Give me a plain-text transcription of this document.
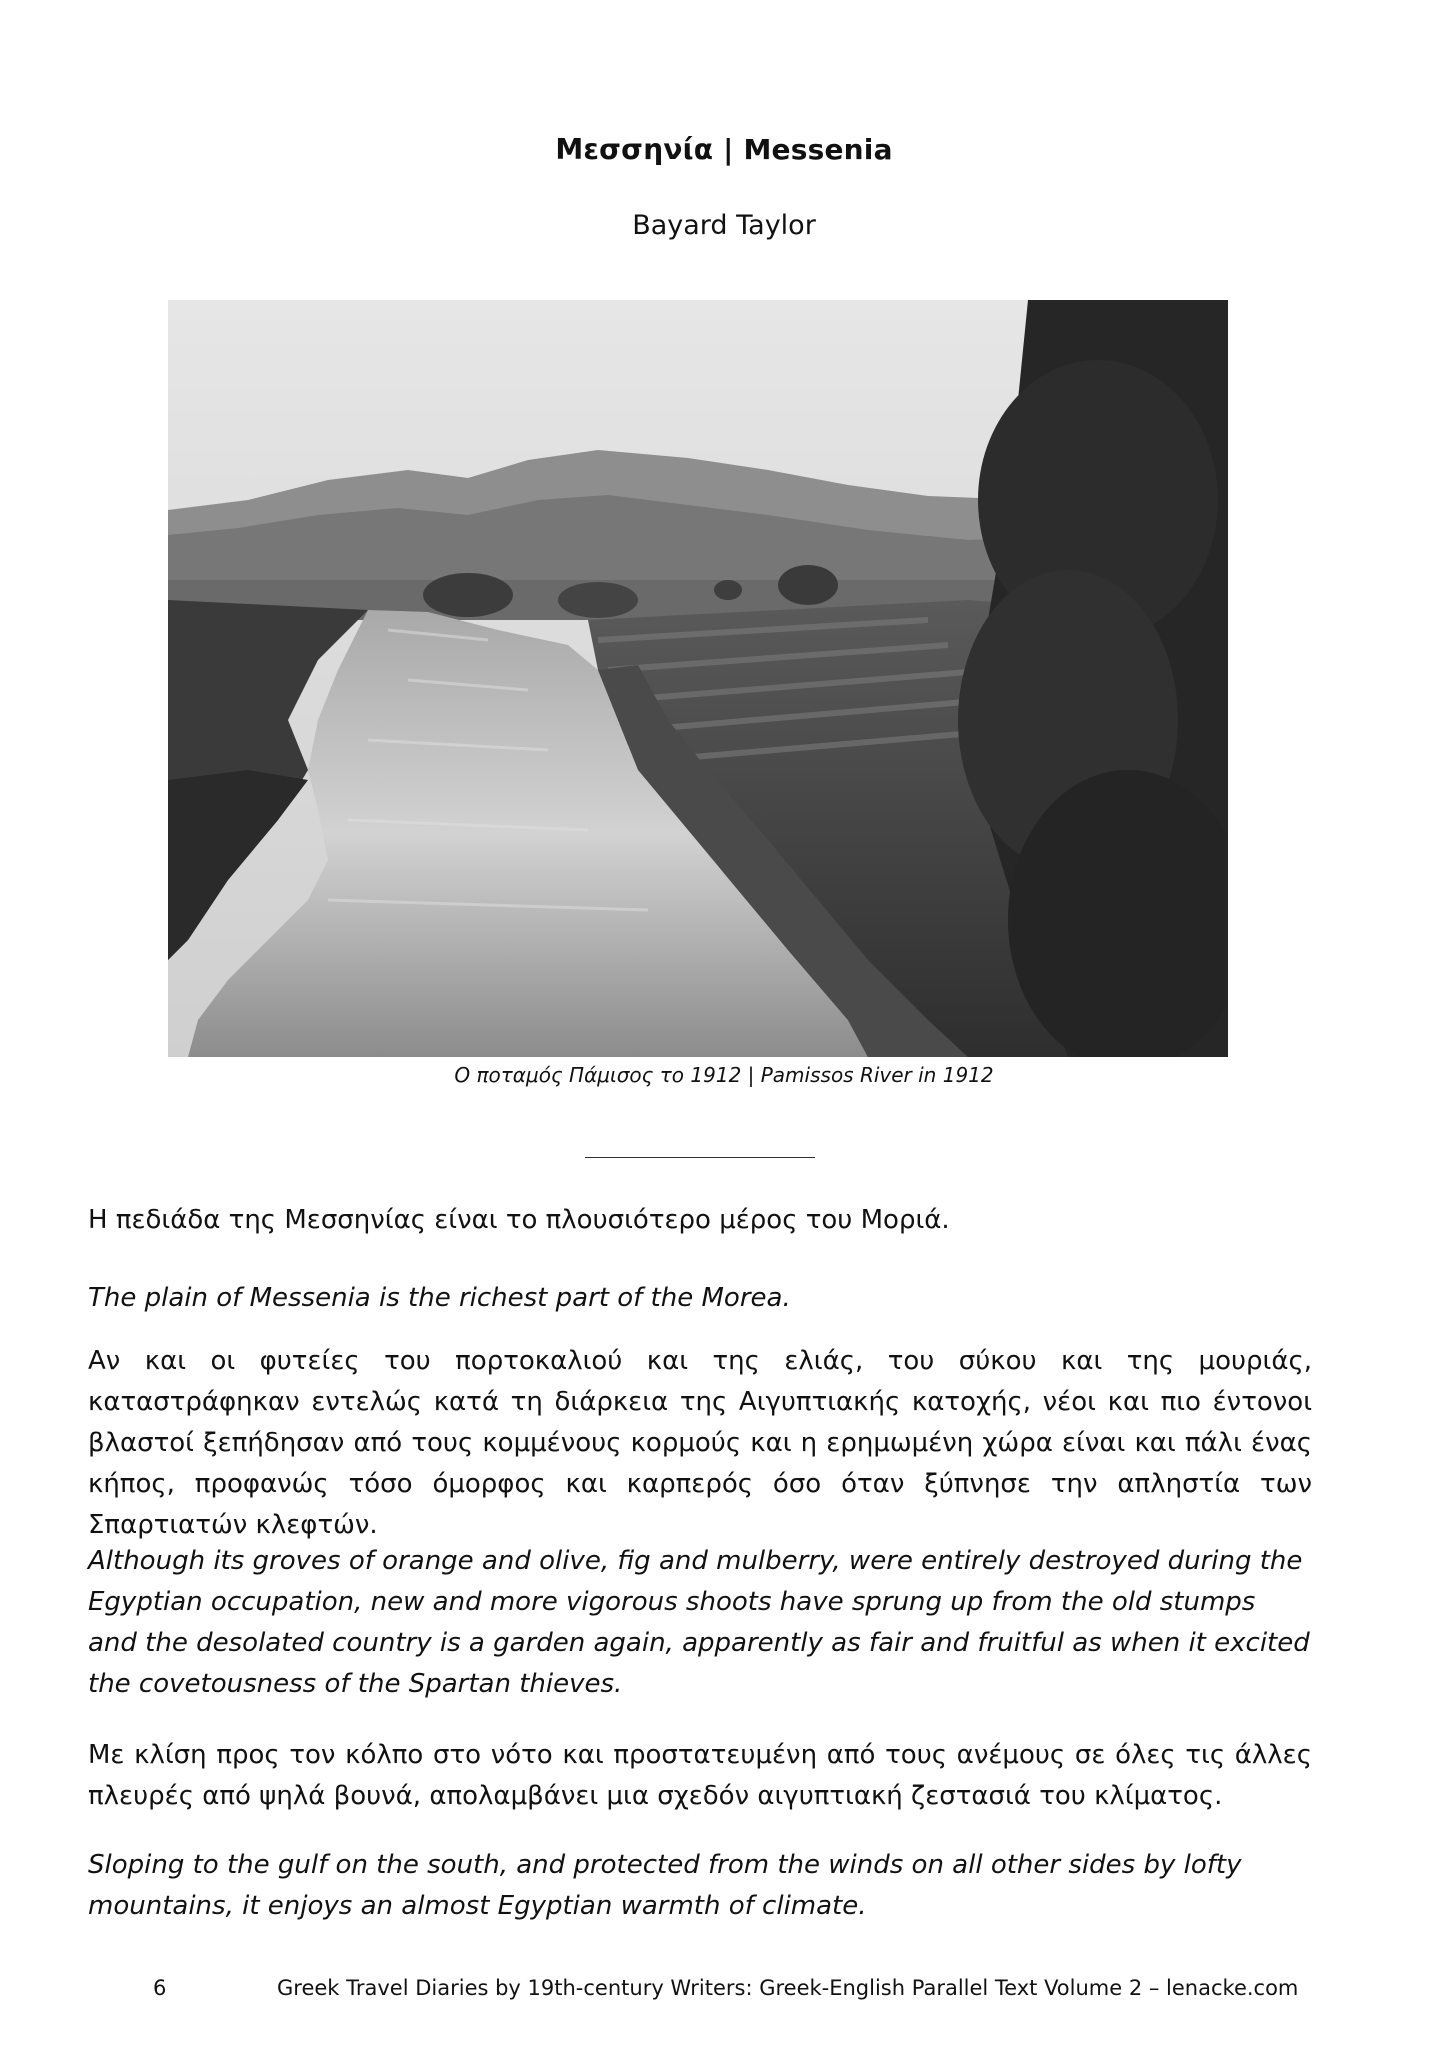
Μεσσηνία | Messenia
Bayard Taylor
Ο ποταμός Πάμισος το 1912 | Pamissos River in 1912

Η πεδιάδα της Μεσσηνίας είναι το πλουσιότερο μέρος του Μοριά.

The plain of Messenia is the richest part of the Morea.

Αν και οι φυτείες του πορτοκαλιού και της ελιάς, του σύκου και της μουριάς, καταστράφηκαν εντελώς κατά τη διάρκεια της Αιγυπτιακής κατοχής, νέοι και πιο έντονοι βλαστοί ξεπήδησαν από τους κομμένους κορμούς και η ερημωμένη χώρα είναι και πάλι ένας κήπος, προφανώς τόσο όμορφος και καρπερός όσο όταν ξύπνησε την απληστία των Σπαρτιατών κλεφτών.

Although its groves of orange and olive, fig and mulberry, were entirely destroyed during the Egyptian occupation, new and more vigorous shoots have sprung up from the old stumps and the desolated country is a garden again, apparently as fair and fruitful as when it excited the covetousness of the Spartan thieves.

Με κλίση προς τον κόλπο στο νότο και προστατευμένη από τους ανέμους σε όλες τις άλλες πλευρές από ψηλά βουνά, απολαμβάνει μια σχεδόν αιγυπτιακή ζεστασιά του κλίματος.

Sloping to the gulf on the south, and protected from the winds on all other sides by lofty mountains, it enjoys an almost Egyptian warmth of climate.

6	Greek Travel Diaries by 19th-century Writers: Greek-English Parallel Text Volume 2 – lenacke.com
